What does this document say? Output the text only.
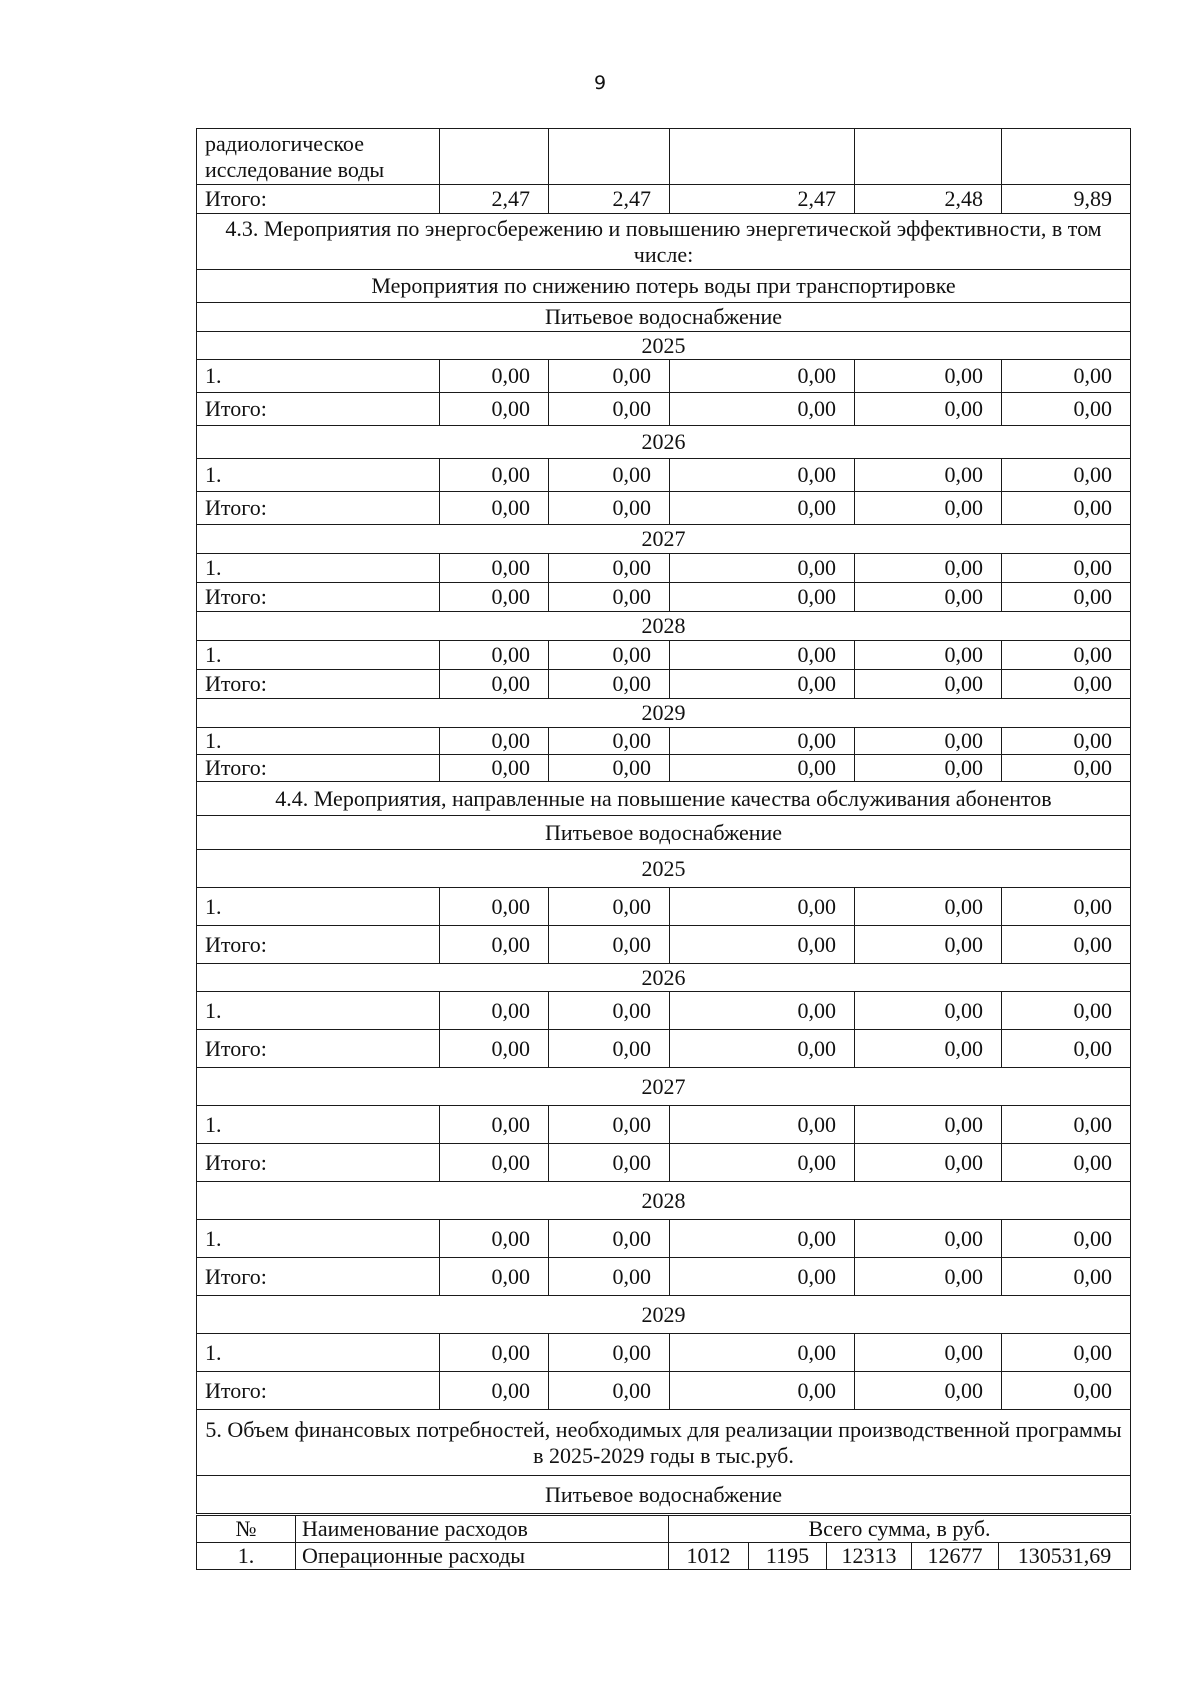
9
радиологическое исследование воды					
Итого:	2,47	2,47	2,47	2,48	9,89
4.3. Мероприятия по энергосбережению и повышению энергетической эффективности, в том числе:					
Мероприятия по снижению потерь воды при транспортировке					
Питьевое водоснабжение					
2025					
1.	0,00	0,00	0,00	0,00	0,00
Итого:	0,00	0,00	0,00	0,00	0,00
2026					
1.	0,00	0,00	0,00	0,00	0,00
Итого:	0,00	0,00	0,00	0,00	0,00
2027					
1.	0,00	0,00	0,00	0,00	0,00
Итого:	0,00	0,00	0,00	0,00	0,00
2028					
1.	0,00	0,00	0,00	0,00	0,00
Итого:	0,00	0,00	0,00	0,00	0,00
2029					
1.	0,00	0,00	0,00	0,00	0,00
Итого:	0,00	0,00	0,00	0,00	0,00
4.4. Мероприятия, направленные на повышение качества обслуживания абонентов					
Питьевое водоснабжение					
2025					
1.	0,00	0,00	0,00	0,00	0,00
Итого:	0,00	0,00	0,00	0,00	0,00
2026					
1.	0,00	0,00	0,00	0,00	0,00
Итого:	0,00	0,00	0,00	0,00	0,00
2027					
1.	0,00	0,00	0,00	0,00	0,00
Итого:	0,00	0,00	0,00	0,00	0,00
2028					
1.	0,00	0,00	0,00	0,00	0,00
Итого:	0,00	0,00	0,00	0,00	0,00
2029					
1.	0,00	0,00	0,00	0,00	0,00
Итого:	0,00	0,00	0,00	0,00	0,00
5. Объем финансовых потребностей, необходимых для реализации производственной программы в 2025-2029 годы в тыс.руб.					
Питьевое водоснабжение					
№	Наименование расходов	Всего сумма, в руб.				
1.	Операционные расходы	1012	1195	12313	12677	130531,69
